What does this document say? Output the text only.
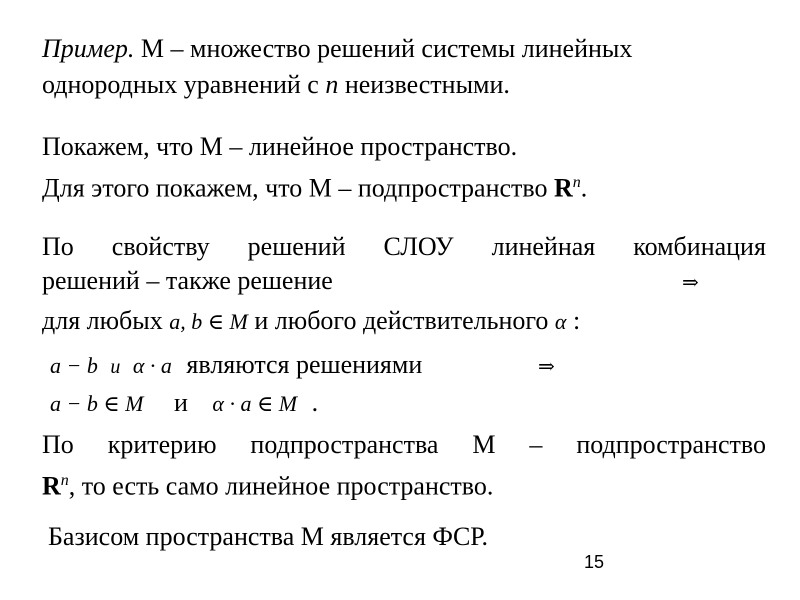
Пример. М – множество решений системы линейных
однородных уравнений с n неизвестными.
Покажем, что М – линейное пространство.
Для этого покажем, что М – подпространство $R^n$.
По свойству решений СЛОУ линейная комбинация
решений – также решение	⇒
для любых a, b ∈ M и любого действительного α :
a − b и α · a являются решениями	⇒
a − b ∈ M и α · a ∈ M .
По критерию подпространства М – подпространство
$R^n$, то есть само линейное пространство.
Базисом пространства М является ФСР.
15
